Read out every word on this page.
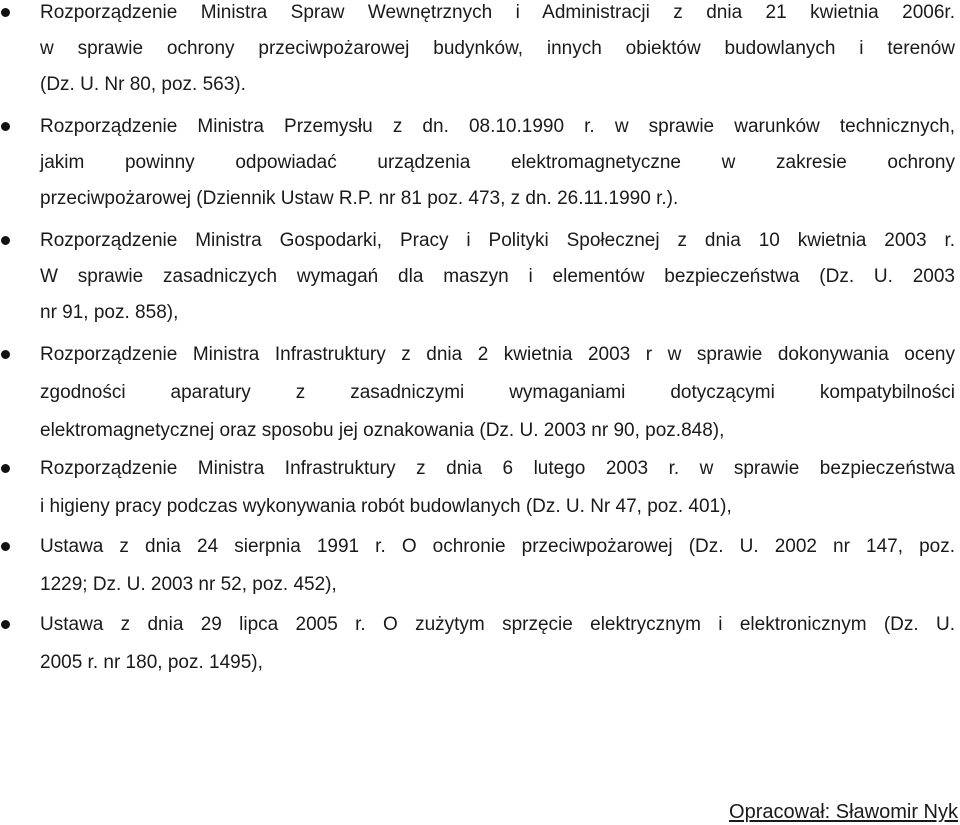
Rozporządzenie Ministra Spraw Wewnętrznych i Administracji z dnia 21 kwietnia 2006r.
w sprawie ochrony przeciwpożarowej budynków, innych obiektów budowlanych i terenów
(Dz. U. Nr 80, poz. 563).
Rozporządzenie Ministra Przemysłu z dn. 08.10.1990 r. w sprawie warunków technicznych,
jakim powinny odpowiadać urządzenia elektromagnetyczne w zakresie ochrony
przeciwpożarowej (Dziennik Ustaw R.P. nr 81 poz. 473, z dn. 26.11.1990 r.).
Rozporządzenie Ministra Gospodarki, Pracy i Polityki Społecznej z dnia 10 kwietnia 2003 r.
W sprawie zasadniczych wymagań dla maszyn i elementów bezpieczeństwa (Dz. U. 2003
nr 91, poz. 858),
Rozporządzenie Ministra Infrastruktury z dnia 2 kwietnia 2003 r w sprawie dokonywania oceny
zgodności aparatury z zasadniczymi wymaganiami dotyczącymi kompatybilności
elektromagnetycznej oraz sposobu jej oznakowania (Dz. U. 2003 nr 90, poz.848),
Rozporządzenie Ministra Infrastruktury z dnia 6 lutego 2003 r. w sprawie bezpieczeństwa
i higieny pracy podczas wykonywania robót budowlanych (Dz. U. Nr 47, poz. 401),
Ustawa z dnia 24 sierpnia 1991 r. O ochronie przeciwpożarowej (Dz. U. 2002 nr 147, poz.
1229; Dz. U. 2003 nr 52, poz. 452),
Ustawa z dnia 29 lipca 2005 r. O zużytym sprzęcie elektrycznym i elektronicznym (Dz. U.
2005 r. nr 180, poz. 1495),
Opracował: Sławomir Nyk
